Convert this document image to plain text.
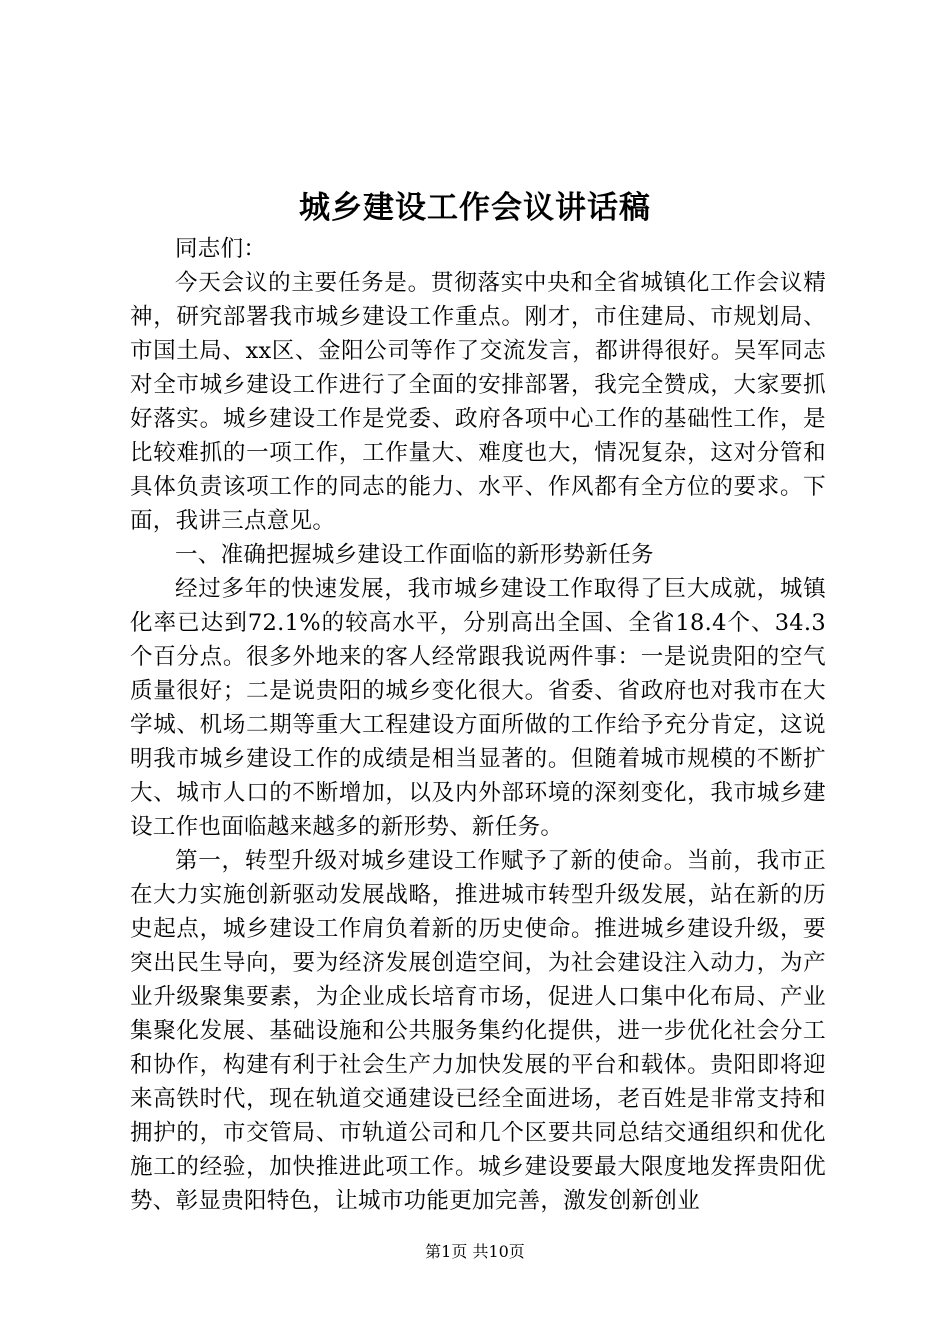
城乡建设工作会议讲话稿

同志们：

今天会议的主要任务是。贯彻落实中央和全省城镇化工作会议精神，研究部署我市城乡建设工作重点。刚才，市住建局、市规划局、市国土局、xx区、金阳公司等作了交流发言，都讲得很好。吴军同志对全市城乡建设工作进行了全面的安排部署，我完全赞成，大家要抓好落实。城乡建设工作是党委、政府各项中心工作的基础性工作，是比较难抓的一项工作，工作量大、难度也大，情况复杂，这对分管和具体负责该项工作的同志的能力、水平、作风都有全方位的要求。下面，我讲三点意见。

一、准确把握城乡建设工作面临的新形势新任务

经过多年的快速发展，我市城乡建设工作取得了巨大成就，城镇化率已达到72.1%的较高水平，分别高出全国、全省18.4个、34.3个百分点。很多外地来的客人经常跟我说两件事：一是说贵阳的空气质量很好；二是说贵阳的城乡变化很大。省委、省政府也对我市在大学城、机场二期等重大工程建设方面所做的工作给予充分肯定，这说明我市城乡建设工作的成绩是相当显著的。但随着城市规模的不断扩大、城市人口的不断增加，以及内外部环境的深刻变化，我市城乡建设工作也面临越来越多的新形势、新任务。

第一，转型升级对城乡建设工作赋予了新的使命。当前，我市正在大力实施创新驱动发展战略，推进城市转型升级发展，站在新的历史起点，城乡建设工作肩负着新的历史使命。推进城乡建设升级，要突出民生导向，要为经济发展创造空间，为社会建设注入动力，为产业升级聚集要素，为企业成长培育市场，促进人口集中化布局、产业集聚化发展、基础设施和公共服务集约化提供，进一步优化社会分工和协作，构建有利于社会生产力加快发展的平台和载体。贵阳即将迎来高铁时代，现在轨道交通建设已经全面进场，老百姓是非常支持和拥护的，市交管局、市轨道公司和几个区要共同总结交通组织和优化施工的经验，加快推进此项工作。城乡建设要最大限度地发挥贵阳优势、彰显贵阳特色，让城市功能更加完善，激发创新创业

第1页 共10页
